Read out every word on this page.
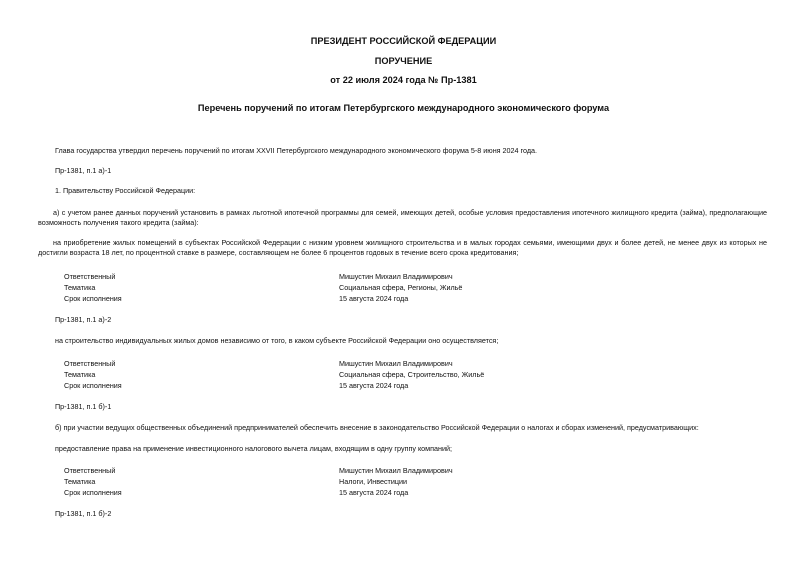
ПРЕЗИДЕНТ РОССИЙСКОЙ ФЕДЕРАЦИИ
ПОРУЧЕНИЕ
от 22 июля 2024 года № Пр-1381
Перечень поручений по итогам Петербургского международного экономического форума
Глава государства утвердил перечень поручений по итогам XXVII Петербургского международного экономического форума 5-8 июня 2024 года.
Пр-1381, п.1 а)-1
1. Правительству Российской Федерации:
а) с учетом ранее данных поручений установить в рамках льготной ипотечной программы для семей, имеющих детей, особые условия предоставления ипотечного жилищного кредита (займа), предполагающие
возможность получения такого кредита (займа):
на приобретение жилых помещений в субъектах Российской Федерации с низким уровнем жилищного строительства и в малых городах семьями, имеющими двух и более детей, не менее двух из которых не
достигли возраста 18 лет, по процентной ставке в размере, составляющем не более 6 процентов годовых в течение всего срока кредитования;
Ответственный	Мишустин Михаил Владимирович
Тематика	Социальная сфера, Регионы, Жильё
Срок исполнения	15 августа 2024 года
Пр-1381, п.1 а)-2
на строительство индивидуальных жилых домов независимо от того, в каком субъекте Российской Федерации оно осуществляется;
Ответственный	Мишустин Михаил Владимирович
Тематика	Социальная сфера, Строительство, Жильё
Срок исполнения	15 августа 2024 года
Пр-1381, п.1 б)-1
б) при участии ведущих общественных объединений предпринимателей обеспечить внесение в законодательство Российской Федерации о налогах и сборах изменений, предусматривающих:
предоставление права на применение инвестиционного налогового вычета лицам, входящим в одну группу компаний;
Ответственный	Мишустин Михаил Владимирович
Тематика	Налоги, Инвестиции
Срок исполнения	15 августа 2024 года
Пр-1381, п.1 б)-2
